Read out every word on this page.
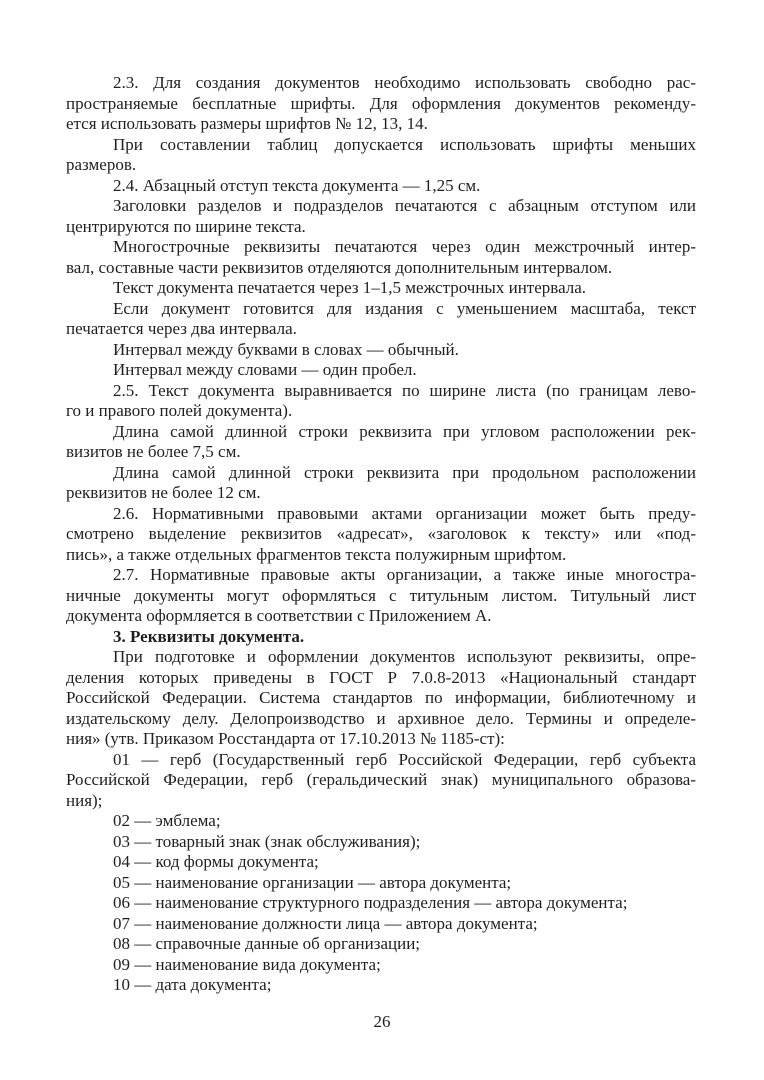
2.3. Для создания документов необходимо использовать свободно рас-
пространяемые бесплатные шрифты. Для оформления документов рекоменду-
ется использовать размеры шрифтов № 12, 13, 14.
При составлении таблиц допускается использовать шрифты меньших
размеров.
2.4. Абзацный отступ текста документа — 1,25 см.
Заголовки разделов и подразделов печатаются с абзацным отступом или
центрируются по ширине текста.
Многострочные реквизиты печатаются через один межстрочный интер-
вал, составные части реквизитов отделяются дополнительным интервалом.
Текст документа печатается через 1–1,5 межстрочных интервала.
Если документ готовится для издания с уменьшением масштаба, текст
печатается через два интервала.
Интервал между буквами в словах — обычный.
Интервал между словами — один пробел.
2.5. Текст документа выравнивается по ширине листа (по границам лево-
го и правого полей документа).
Длина самой длинной строки реквизита при угловом расположении рек-
визитов не более 7,5 см.
Длина самой длинной строки реквизита при продольном расположении
реквизитов не более 12 см.
2.6. Нормативными правовыми актами организации может быть преду-
смотрено выделение реквизитов «адресат», «заголовок к тексту» или «под-
пись», а также отдельных фрагментов текста полужирным шрифтом.
2.7. Нормативные правовые акты организации, а также иные многостра-
ничные документы могут оформляться с титульным листом. Титульный лист
документа оформляется в соответствии с Приложением А.
3. Реквизиты документа.
При подготовке и оформлении документов используют реквизиты, опре-
деления которых приведены в ГОСТ Р 7.0.8-2013 «Национальный стандарт
Российской Федерации. Система стандартов по информации, библиотечному и
издательскому делу. Делопроизводство и архивное дело. Термины и определе-
ния» (утв. Приказом Росстандарта от 17.10.2013 № 1185-ст):
01 — герб (Государственный герб Российской Федерации, герб субъекта
Российской Федерации, герб (геральдический знак) муниципального образова-
ния);
02 — эмблема;
03 — товарный знак (знак обслуживания);
04 — код формы документа;
05 — наименование организации — автора документа;
06 — наименование структурного подразделения — автора документа;
07 — наименование должности лица — автора документа;
08 — справочные данные об организации;
09 — наименование вида документа;
10 — дата документа;
26
